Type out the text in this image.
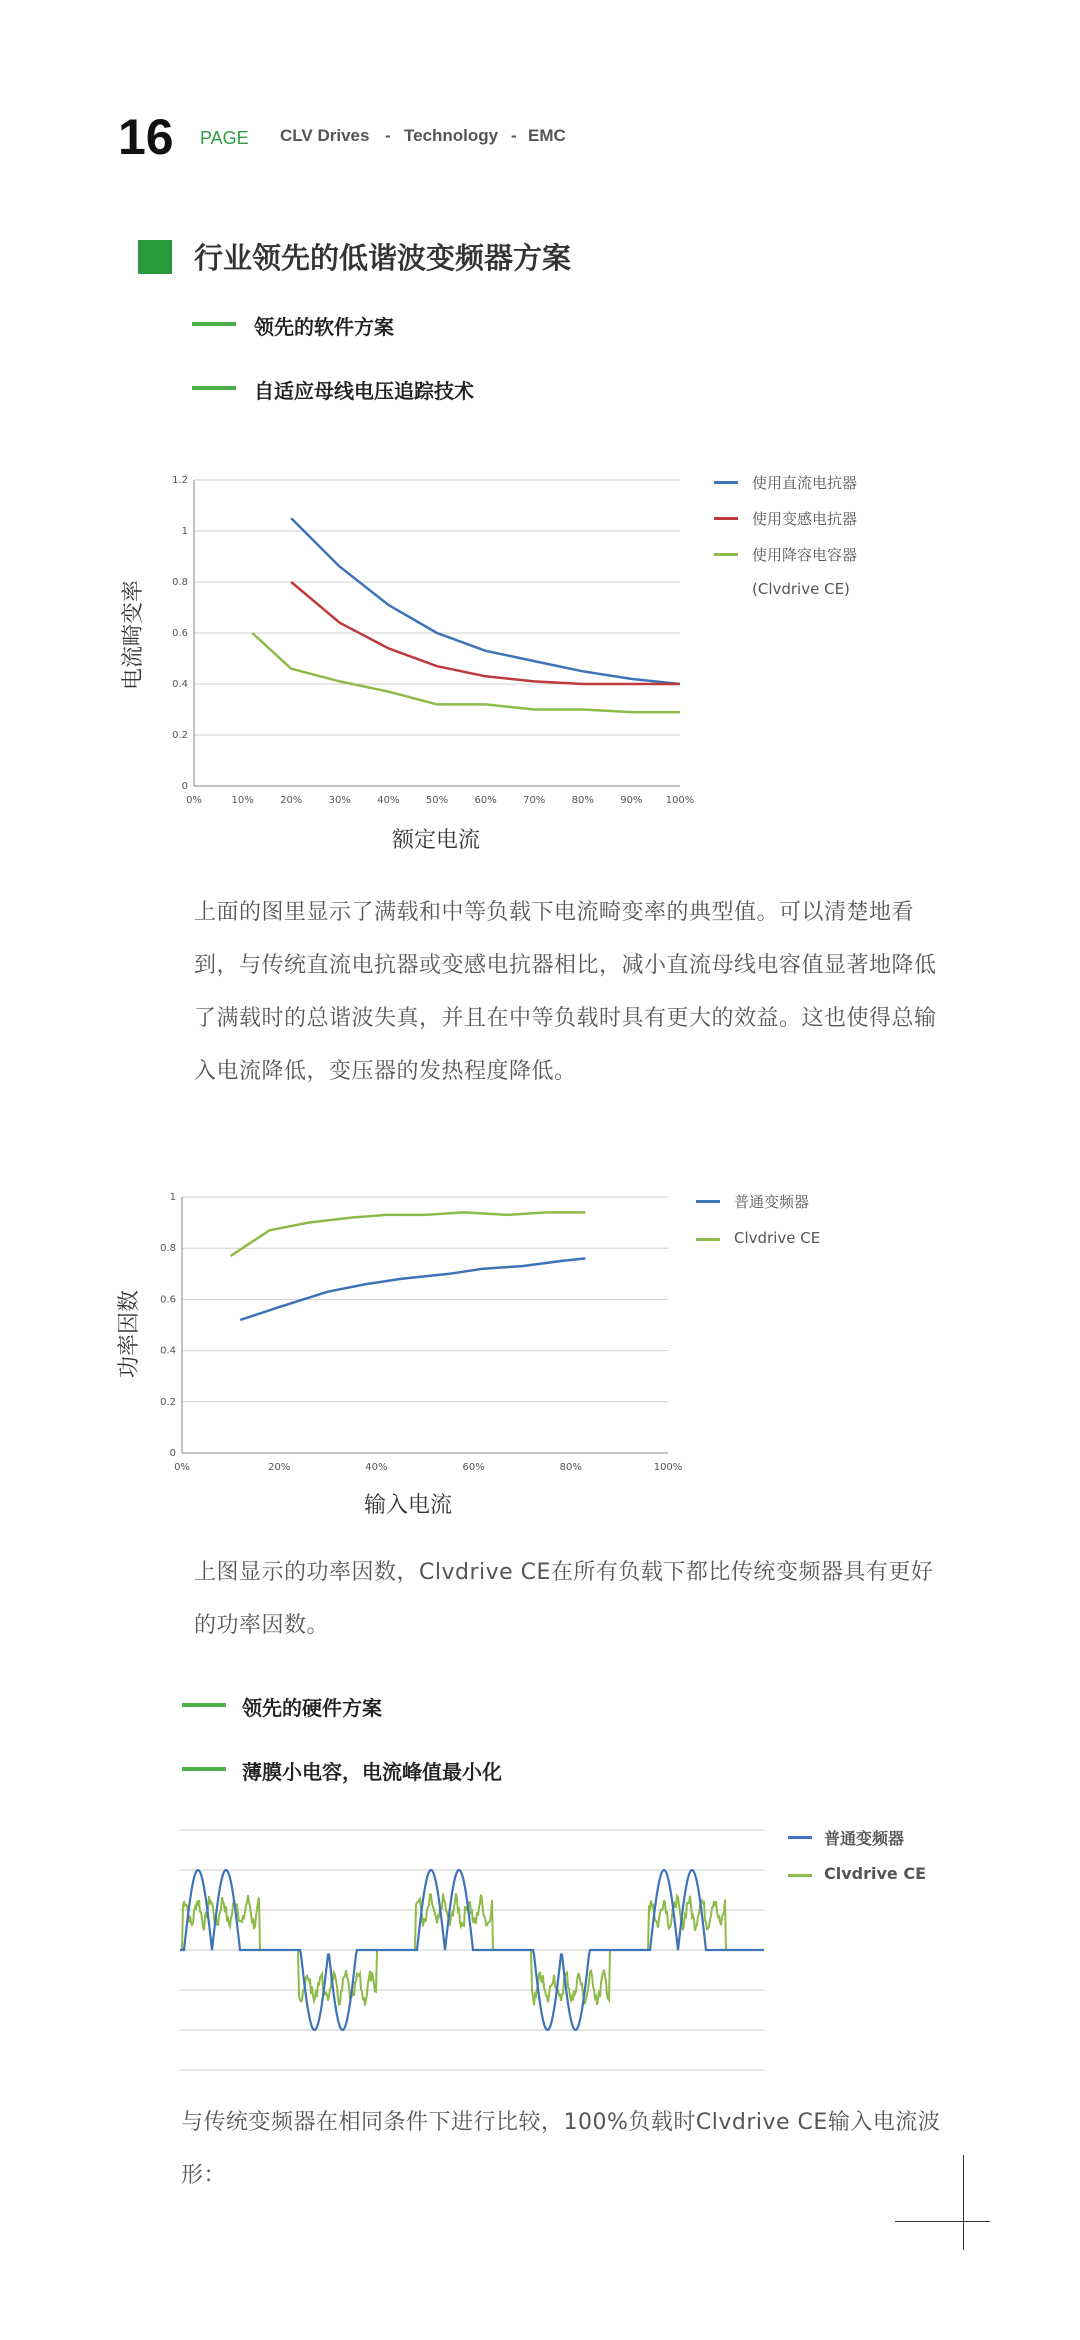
16 PAGE CLV Drives - Technology - EMC
行业领先的低谐波变频器方案
领先的软件方案
自适应母线电压追踪技术
0
0.2
0.4
0.6
0.8
1
1.2
0%	10%	20%	30%	40%	50%	60%	70%	80%	90% 100%
电流畸变率
额定电流
使用直流电抗器
使用变感电抗器
使用降容电容器
(Clvdrive CE)
上面的图里显示了满载和中等负载下电流畸变率的典型值。可以清楚地看到，与传统直流电抗器或变感电抗器相比，减小直流母线电容值显著地降低了满载时的总谐波失真，并且在中等负载时具有更大的效益。这也使得总输入电流降低，变压器的发热程度降低。
0
0.2
0.4
0.6
0.8
1
0%	20%	40%	60%	80%	100%
功率因数
输入电流
普通变频器
Clvdrive CE
上图显示的功率因数，Clvdrive CE在所有负载下都比传统变频器具有更好的功率因数。
领先的硬件方案
薄膜小电容，电流峰值最小化
普通变频器
Clvdrive CE
与传统变频器在相同条件下进行比较，100%负载时Clvdrive CE输入电流波形：
